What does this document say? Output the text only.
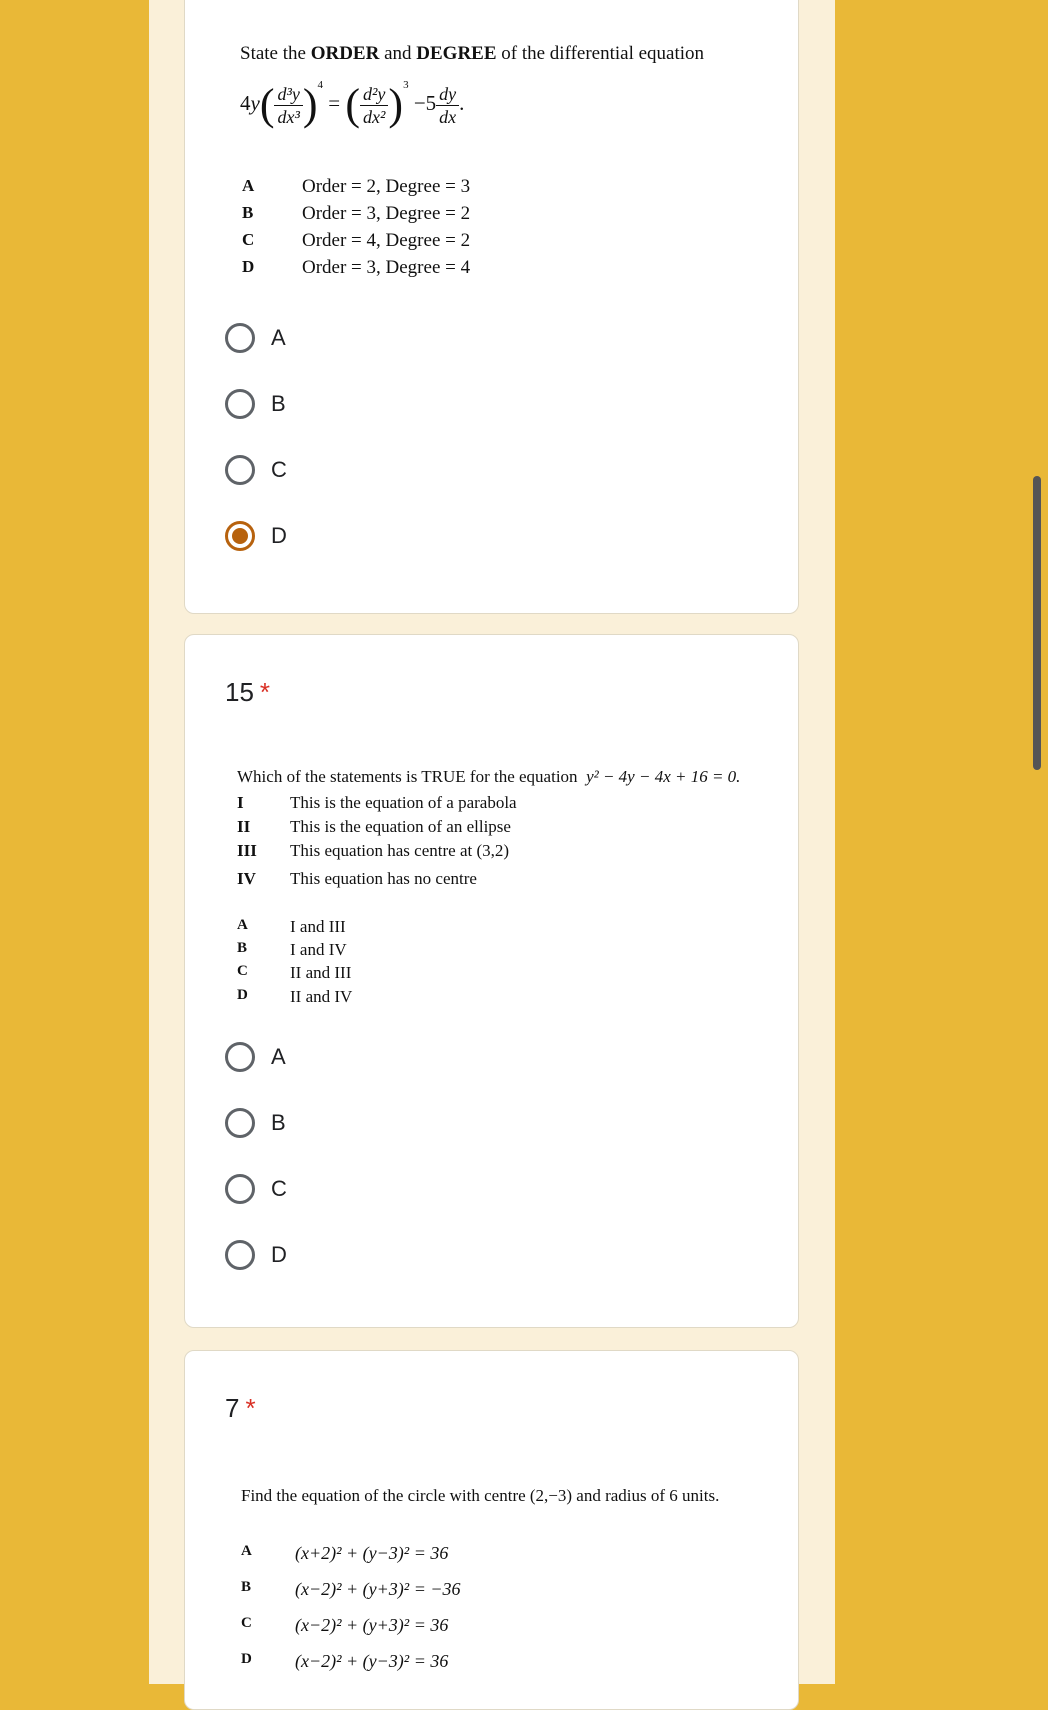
State the ORDER and DEGREE of the differential equation
$4y( \frac{\text{d³y}}{\text{dx³}} )^4$ = ( $\frac{\text{d²y}}{\text{dx²}} )^3 -5 \frac{dy}{dx}$ .
A	Order = 2, Degree = 3
B	Order = 3, Degree = 2
C	Order = 4, Degree = 2
D	Order = 3, Degree = 4
A
B
C
D
15 *
Which of the statements is TRUE for the equation y² − 4y − 4x + 16 = 0.
I	This is the equation of a parabola
II This is the equation of an ellipse
III This equation has centre at (3,2)
IV This equation has no centre
A I and III
B	I and IV
C II and III
D II and IV
A
B
C
D
7 *
Find the equation of the circle with centre (2,−3) and radius of 6 units.
A (x+2)² + (y−3)² = 36
B (x−2)² + (y+3)² = −36
C (x−2)² + (y+3)² = 36
D (x−2)² + (y−3)² = 36
